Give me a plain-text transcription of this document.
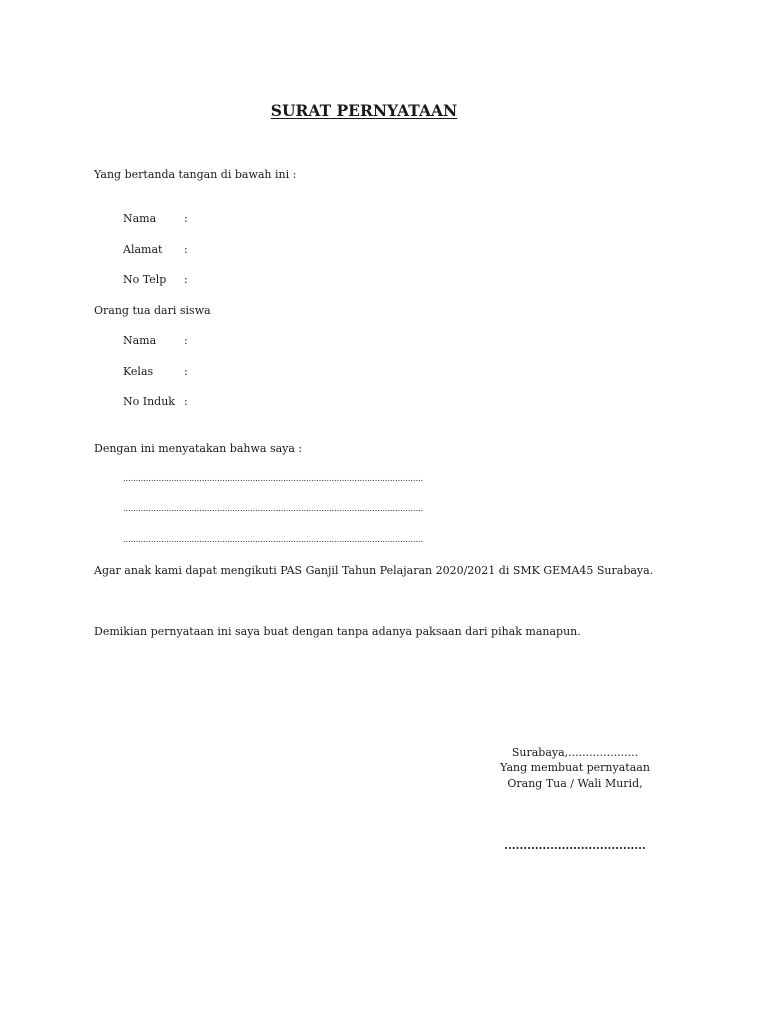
SURAT PERNYATAAN
Yang bertanda tangan di bawah ini :
Nama	:
Alamat :
No Telp :
Orang tua dari siswa
Nama	:
Kelas	:
No Induk :
Dengan ini menyatakan bahwa saya :
......................................................................................................................
......................................................................................................................
......................................................................................................................
Agar anak kami dapat mengikuti PAS Ganjil Tahun Pelajaran 2020/2021 di SMK GEMA45 Surabaya.
Demikian pernyataan ini saya buat dengan tanpa adanya paksaan dari pihak manapun.
Surabaya,....................
Yang membuat pernyataan
Orang Tua / Wali Murid,
.....................................
